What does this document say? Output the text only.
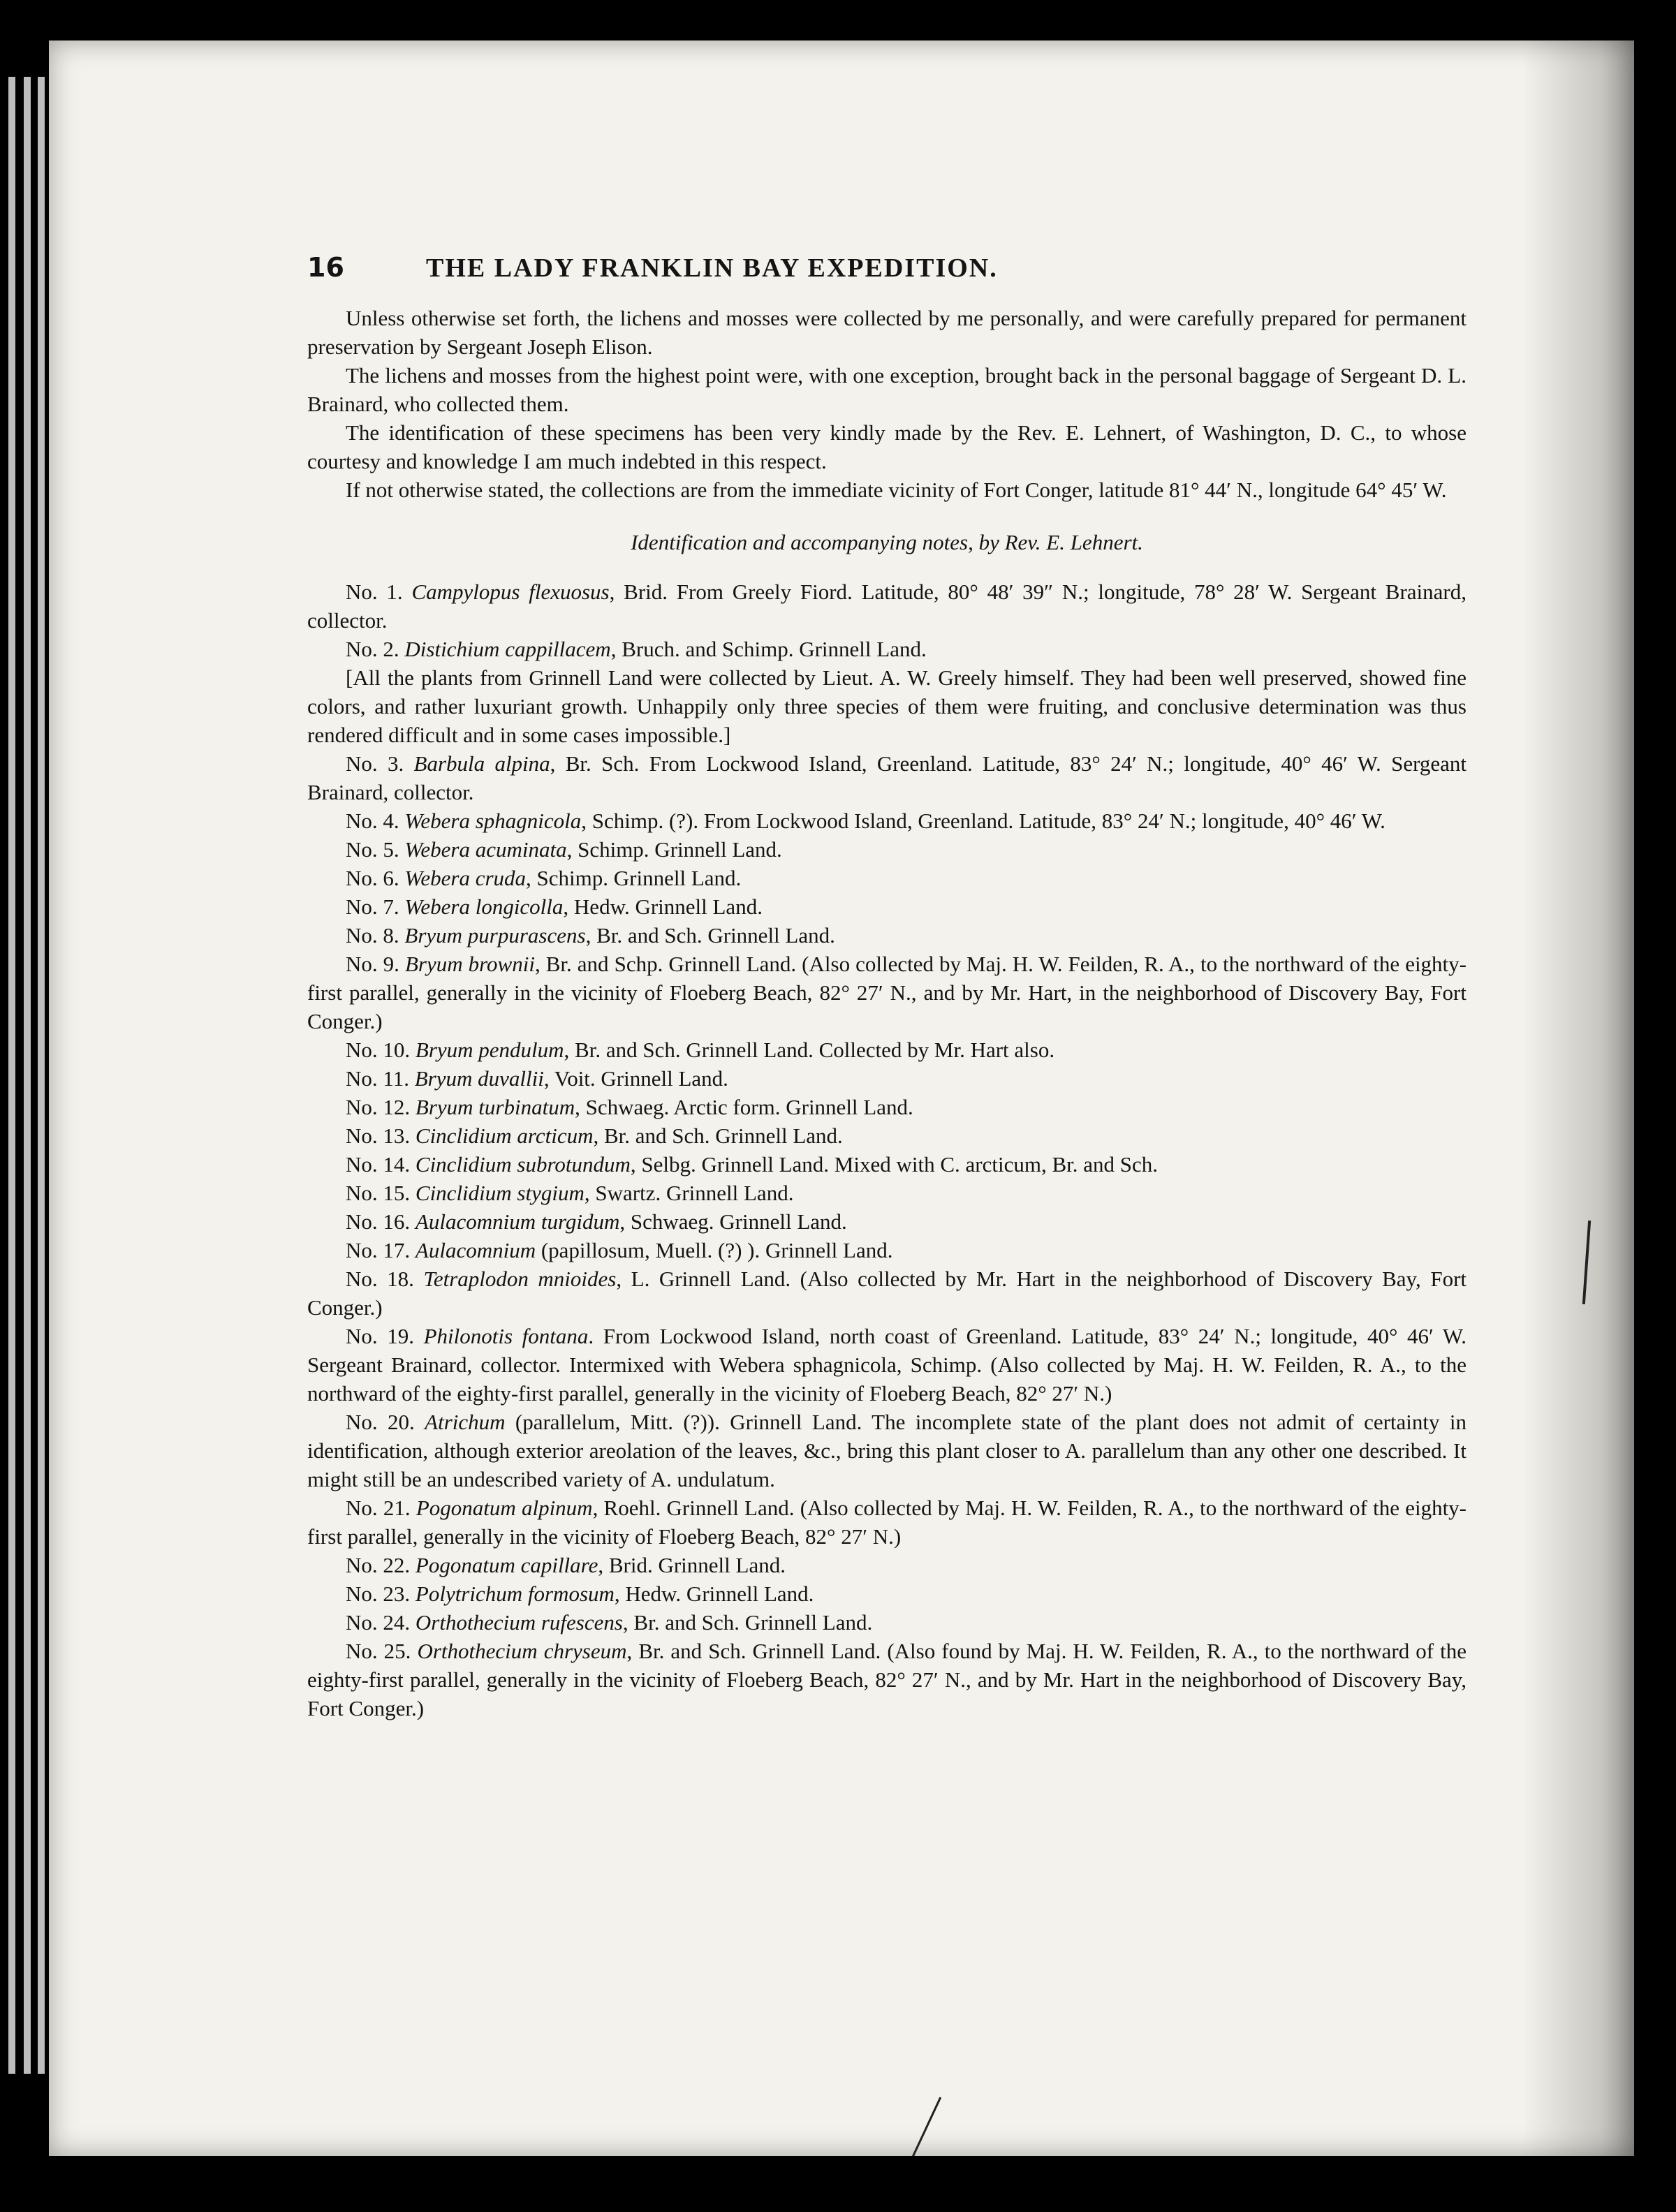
16	THE LADY FRANKLIN BAY EXPEDITION.

Unless otherwise set forth, the lichens and mosses were collected by me personally, and were carefully prepared for permanent preservation by Sergeant Joseph Elison.

The lichens and mosses from the highest point were, with one exception, brought back in the personal baggage of Sergeant D. L. Brainard, who collected them.

The identification of these specimens has been very kindly made by the Rev. E. Lehnert, of Washington, D. C., to whose courtesy and knowledge I am much indebted in this respect.

If not otherwise stated, the collections are from the immediate vicinity of Fort Conger, latitude 81° 44′ N., longitude 64° 45′ W.

Identification and accompanying notes, by Rev. E. Lehnert.

No. 1. Campylopus flexuosus, Brid. From Greely Fiord. Latitude, 80° 48′ 39″ N.; longitude, 78° 28′ W. Sergeant Brainard, collector.

No. 2. Distichium cappillacem, Bruch. and Schimp. Grinnell Land.

[All the plants from Grinnell Land were collected by Lieut. A. W. Greely himself. They had been well preserved, showed fine colors, and rather luxuriant growth. Unhappily only three species of them were fruiting, and conclusive determination was thus rendered difficult and in some cases impossible.]

No. 3. Barbula alpina, Br. Sch. From Lockwood Island, Greenland. Latitude, 83° 24′ N.; longitude, 40° 46′ W. Sergeant Brainard, collector.

No. 4. Webera sphagnicola, Schimp. (?). From Lockwood Island, Greenland. Latitude, 83° 24′ N.; longitude, 40° 46′ W.

No. 5. Webera acuminata, Schimp. Grinnell Land.

No. 6. Webera cruda, Schimp. Grinnell Land.

No. 7. Webera longicolla, Hedw. Grinnell Land.

No. 8. Bryum purpurascens, Br. and Sch. Grinnell Land.

No. 9. Bryum brownii, Br. and Schp. Grinnell Land. (Also collected by Maj. H. W. Feilden, R. A., to the northward of the eighty-first parallel, generally in the vicinity of Floeberg Beach, 82° 27′ N., and by Mr. Hart, in the neighborhood of Discovery Bay, Fort Conger.)

No. 10. Bryum pendulum, Br. and Sch. Grinnell Land. Collected by Mr. Hart also.

No. 11. Bryum duvallii, Voit. Grinnell Land.

No. 12. Bryum turbinatum, Schwaeg. Arctic form. Grinnell Land.

No. 13. Cinclidium arcticum, Br. and Sch. Grinnell Land.

No. 14. Cinclidium subrotundum, Selbg. Grinnell Land. Mixed with C. arcticum, Br. and Sch.

No. 15. Cinclidium stygium, Swartz. Grinnell Land.

No. 16. Aulacomnium turgidum, Schwaeg. Grinnell Land.

No. 17. Aulacomnium (papillosum, Muell. (?) ). Grinnell Land.

No. 18. Tetraplodon mnioides, L. Grinnell Land. (Also collected by Mr. Hart in the neighborhood of Discovery Bay, Fort Conger.)

No. 19. Philonotis fontana. From Lockwood Island, north coast of Greenland. Latitude, 83° 24′ N.; longitude, 40° 46′ W. Sergeant Brainard, collector. Intermixed with Webera sphagnicola, Schimp. (Also collected by Maj. H. W. Feilden, R. A., to the northward of the eighty-first parallel, generally in the vicinity of Floeberg Beach, 82° 27′ N.)

No. 20. Atrichum (parallelum, Mitt. (?)). Grinnell Land. The incomplete state of the plant does not admit of certainty in identification, although exterior areolation of the leaves, &c., bring this plant closer to A. parallelum than any other one described. It might still be an undescribed variety of A. undulatum.

No. 21. Pogonatum alpinum, Roehl. Grinnell Land. (Also collected by Maj. H. W. Feilden, R. A., to the northward of the eighty-first parallel, generally in the vicinity of Floeberg Beach, 82° 27′ N.)

No. 22. Pogonatum capillare, Brid. Grinnell Land.

No. 23. Polytrichum formosum, Hedw. Grinnell Land.

No. 24. Orthothecium rufescens, Br. and Sch. Grinnell Land.

No. 25. Orthothecium chryseum, Br. and Sch. Grinnell Land. (Also found by Maj. H. W. Feilden, R. A., to the northward of the eighty-first parallel, generally in the vicinity of Floeberg Beach, 82° 27′ N., and by Mr. Hart in the neighborhood of Discovery Bay, Fort Conger.)
